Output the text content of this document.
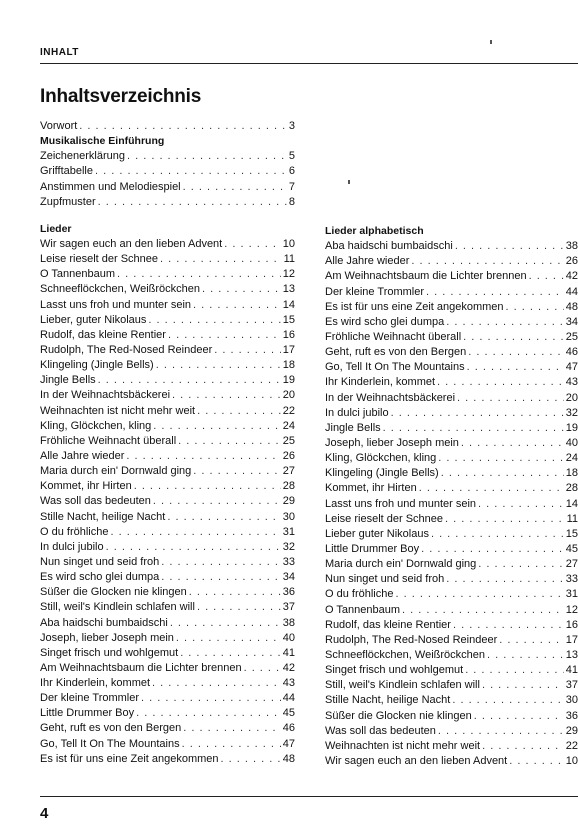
INHALT
Inhaltsverzeichnis
Vorwort . . .	3
Musikalische Einführung
Zeichenerklärung . . .	5
Grifftabelle . . .	6
Anstimmen und Melodiespiel . . .	7
Zupfmuster . . .	8
Lieder
Wir sagen euch an den lieben Advent . . .	10
Leise rieselt der Schnee . . .	11
O Tannenbaum . . .	12
Schneeflöckchen, Weißröckchen . . .	13
Lasst uns froh und munter sein . . .	14
Lieber, guter Nikolaus . . .	15
Rudolf, das kleine Rentier . . .	16
Rudolph, The Red-Nosed Reindeer . . .	17
Klingeling (Jingle Bells) . . .	18
Jingle Bells . . .	19
In der Weihnachtsbäckerei . . .	20
Weihnachten ist nicht mehr weit . . .	22
Kling, Glöckchen, kling . . .	24
Fröhliche Weihnacht überall . . .	25
Alle Jahre wieder . . .	26
Maria durch ein' Dornwald ging . . .	27
Kommet, ihr Hirten . . .	28
Was soll das bedeuten . . .	29
Stille Nacht, heilige Nacht . . .	30
O du fröhliche . . .	31
In dulci jubilo . . .	32
Nun singet und seid froh . . .	33
Es wird scho glei dumpa . . .	34
Süßer die Glocken nie klingen . . .	36
Still, weil's Kindlein schlafen will . . .	37
Aba haidschi bumbaidschi . . .	38
Joseph, lieber Joseph mein . . .	40
Singet frisch und wohlgemut . . .	41
Am Weihnachtsbaum die Lichter brennen . . .	42
Ihr Kinderlein, kommet . . .	43
Der kleine Trommler . . .	44
Little Drummer Boy . . .	45
Geht, ruft es von den Bergen . . .	46
Go, Tell It On The Mountains . . .	47
Es ist für uns eine Zeit angekommen . . .	48
Lieder alphabetisch
Aba haidschi bumbaidschi . . .	38
Alle Jahre wieder . . .	26
Am Weihnachtsbaum die Lichter brennen . . .	42
Der kleine Trommler . . .	44
Es ist für uns eine Zeit angekommen . . .	48
Es wird scho glei dumpa . . .	34
Fröhliche Weihnacht überall . . .	25
Geht, ruft es von den Bergen . . .	46
Go, Tell It On The Mountains . . .	47
Ihr Kinderlein, kommet . . .	43
In der Weihnachtsbäckerei . . .	20
In dulci jubilo . . .	32
Jingle Bells . . .	19
Joseph, lieber Joseph mein . . .	40
Kling, Glöckchen, kling . . .	24
Klingeling (Jingle Bells) . . .	18
Kommet, ihr Hirten . . .	28
Lasst uns froh und munter sein . . .	14
Leise rieselt der Schnee . . .	11
Lieber guter Nikolaus . . .	15
Little Drummer Boy . . .	45
Maria durch ein' Dornwald ging . . .	27
Nun singet und seid froh . . .	33
O du fröhliche . . .	31
O Tannenbaum . . .	12
Rudolf, das kleine Rentier . . .	16
Rudolph, The Red-Nosed Reindeer . . .	17
Schneeflöckchen, Weißröckchen . . .	13
Singet frisch und wohlgemut . . .	41
Still, weil's Kindlein schlafen will . . .	37
Stille Nacht, heilige Nacht . . .	30
Süßer die Glocken nie klingen . . .	36
Was soll das bedeuten . . .	29
Weihnachten ist nicht mehr weit . . .	22
Wir sagen euch an den lieben Advent . . .	10
4
